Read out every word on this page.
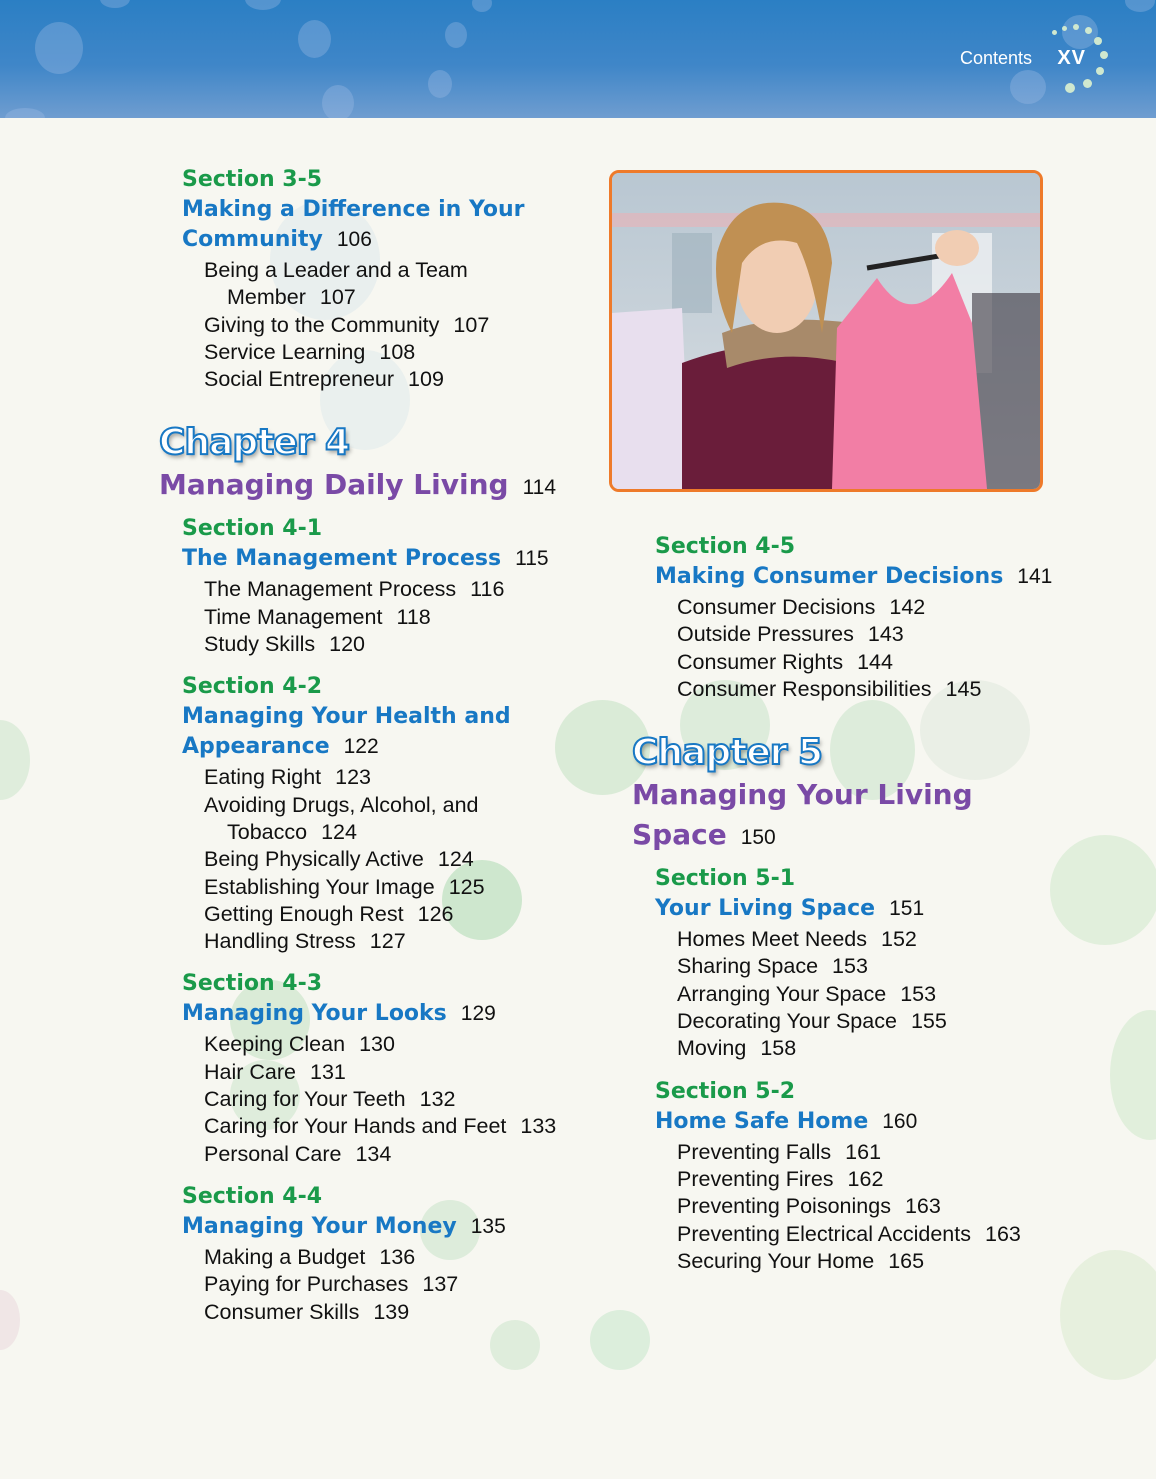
Contents XV

Section 3-5

Making a Difference in Your
Community 106

Being a Leader and a Team Member 107
Giving to the Community 107
Service Learning 108
Social Entrepreneur 109

Chapter 4

Managing Daily Living 114

Section 4-1

The Management Process 115

The Management Process 116
Time Management 118
Study Skills 120

Section 4-2

Managing Your Health and
Appearance 122

Eating Right 123
Avoiding Drugs, Alcohol, and Tobacco 124
Being Physically Active 124
Establishing Your Image 125
Getting Enough Rest 126
Handling Stress 127

Section 4-3

Managing Your Looks 129

Keeping Clean 130
Hair Care 131
Caring for Your Teeth 132
Caring for Your Hands and Feet 133
Personal Care 134

Section 4-4

Managing Your Money 135

Making a Budget 136
Paying for Purchases 137
Consumer Skills 139

Section 4-5

Making Consumer Decisions 141

Consumer Decisions 142
Outside Pressures 143
Consumer Rights 144
Consumer Responsibilities 145

Chapter 5

Managing Your Living
Space 150

Section 5-1

Your Living Space 151

Homes Meet Needs 152
Sharing Space 153
Arranging Your Space 153
Decorating Your Space 155
Moving 158

Section 5-2

Home Safe Home 160

Preventing Falls 161
Preventing Fires 162
Preventing Poisonings 163
Preventing Electrical Accidents 163
Securing Your Home 165
